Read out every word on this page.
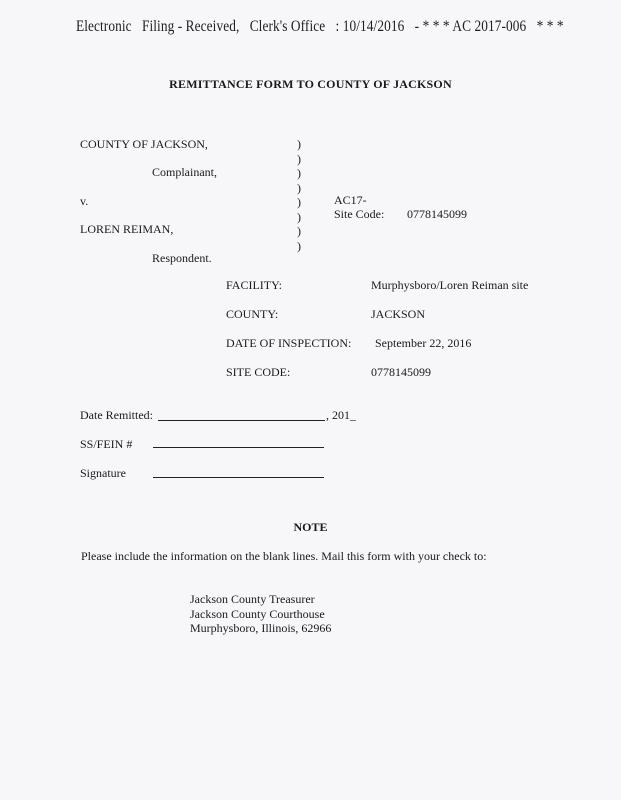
Electronic Filing - Received, Clerk's Office : 10/14/2016 - * * * AC 2017-006 * * *
REMITTANCE FORM TO COUNTY OF JACKSON
COUNTY OF JACKSON,
Complainant,
v.
LOREN REIMAN,
Respondent.
)
)
)
)
)
)
)
)
AC17-
Site Code: 0778145099
FACILITY:	Murphysboro/Loren Reiman site
COUNTY:	JACKSON
DATE OF INSPECTION: September 22, 2016
SITE CODE:	0778145099
Date Remitted:	, 201_
SS/FEIN #
Signature
NOTE
Please include the information on the blank lines. Mail this form with your check to:
Jackson County Treasurer
Jackson County Courthouse
Murphysboro, Illinois, 62966
